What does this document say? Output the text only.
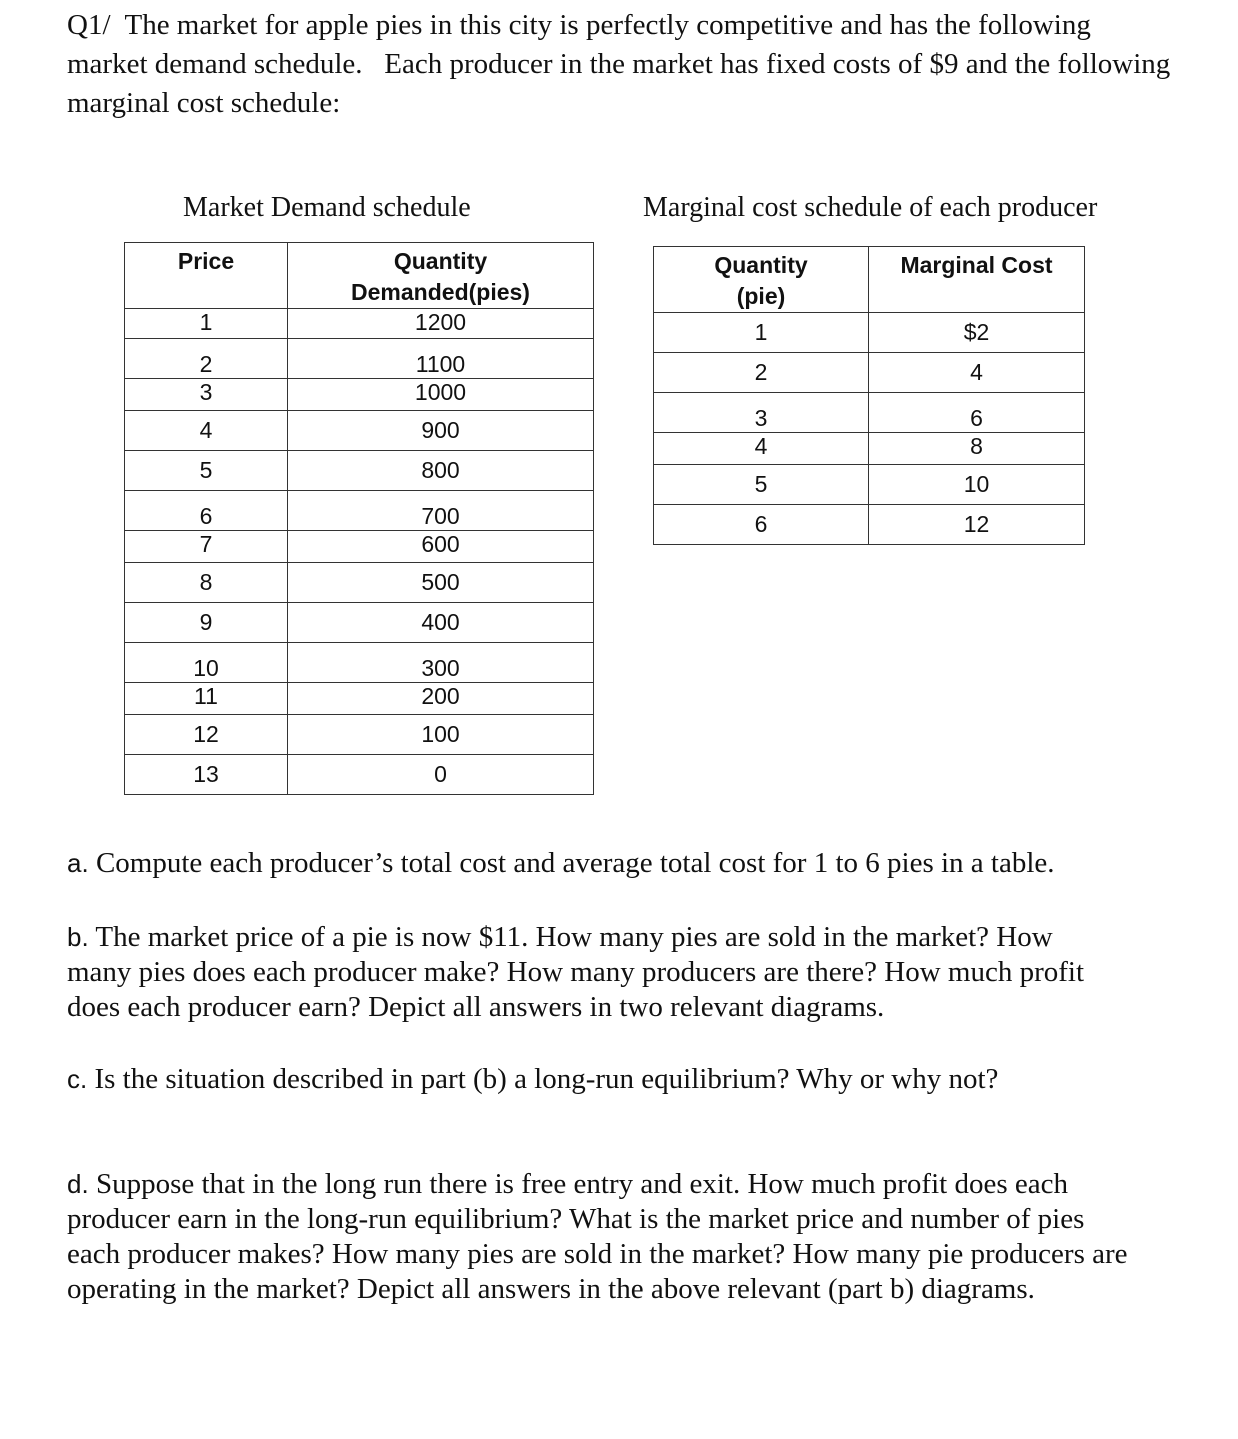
Q1/  The market for apple pies in this city is perfectly competitive and has the following

market demand schedule.   Each producer in the market has fixed costs of $9 and the following

marginal cost schedule:

Market Demand schedule	Marginal cost schedule of each producer
Price	Quantity
Demanded(pies)

1	1200
2	1100
3	1000
4	900
5	800
6	700
7	600
8	500
9	400
10	300
11	200
12	100
13	0
Quantity
(pie)	Marginal Cost
1	$2
2	4
3	6
4	8
5	10
6	12

a. Compute each producer’s total cost and average total cost for 1 to 6 pies in a table.

b. The market price of a pie is now $11. How many pies are sold in the market? How

many pies does each producer make? How many producers are there? How much profit

does each producer earn? Depict all answers in two relevant diagrams.

c. Is the situation described in part (b) a long-run equilibrium? Why or why not?

d. Suppose that in the long run there is free entry and exit. How much profit does each

producer earn in the long-run equilibrium? What is the market price and number of pies

each producer makes? How many pies are sold in the market? How many pie producers are

operating in the market? Depict all answers in the above relevant (part b) diagrams.
